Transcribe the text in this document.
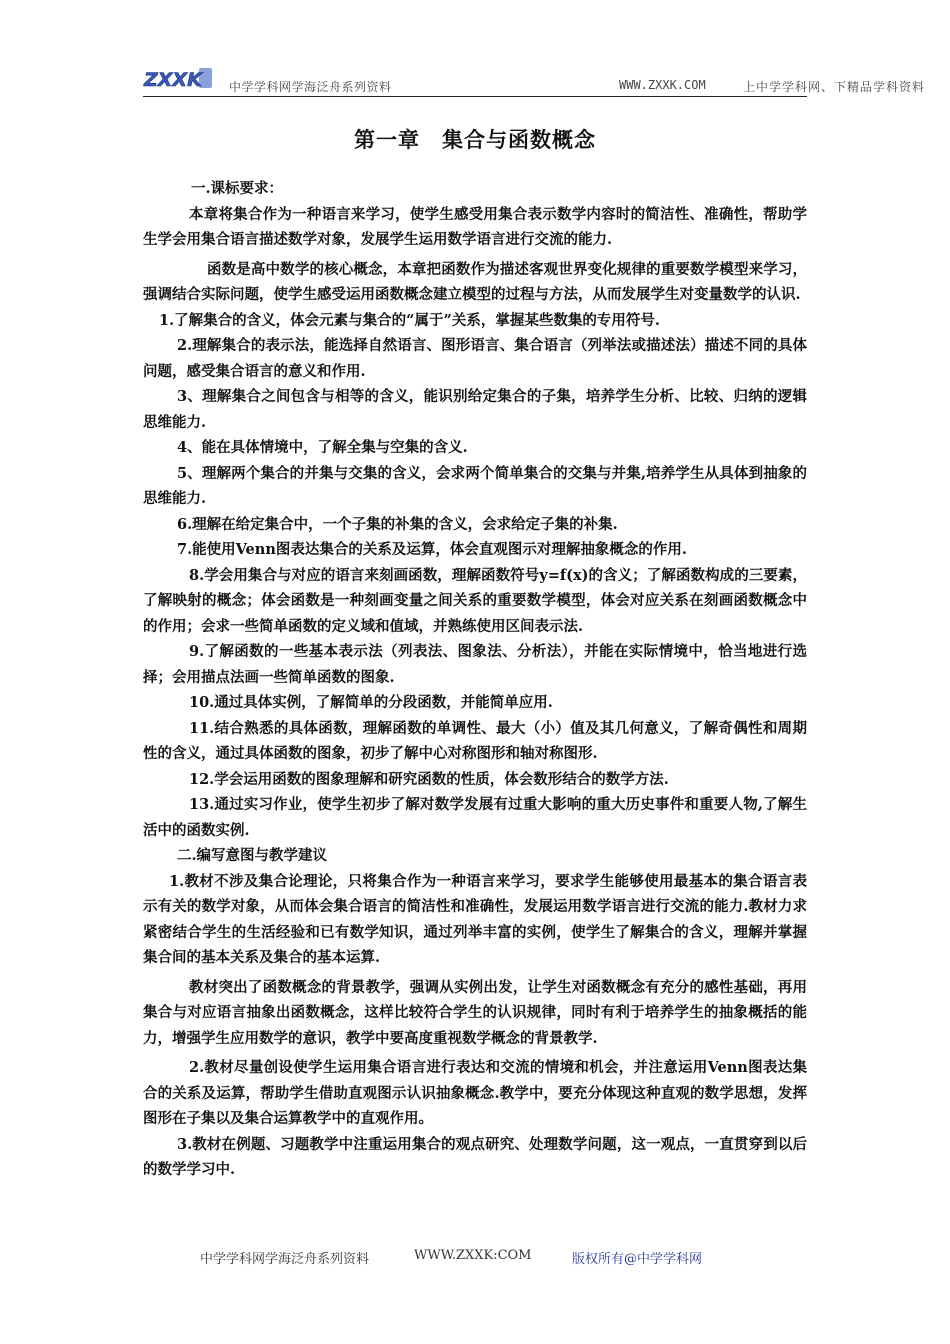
ZXXK 中学学科网学海泛舟系列资料	WWW.ZXXK.COM	上中学学科网、下精品学科资料
第一章　集合与函数概念

一.课标要求：

本章将集合作为一种语言来学习，使学生感受用集合表示数学内容时的简洁性、准确性，帮助学生学会用集合语言描述数学对象，发展学生运用数学语言进行交流的能力.

函数是高中数学的核心概念，本章把函数作为描述客观世界变化规律的重要数学模型来学习，强调结合实际问题，使学生感受运用函数概念建立模型的过程与方法，从而发展学生对变量数学的认识.

1.了解集合的含义，体会元素与集合的“属于”关系，掌握某些数集的专用符号.

2.理解集合的表示法，能选择自然语言、图形语言、集合语言（列举法或描述法）描述不同的具体问题，感受集合语言的意义和作用.

3、理解集合之间包含与相等的含义，能识别给定集合的子集，培养学生分析、比较、归纳的逻辑思维能力.

4、能在具体情境中，了解全集与空集的含义.

5、理解两个集合的并集与交集的含义，会求两个简单集合的交集与并集,培养学生从具体到抽象的思维能力.

6.理解在给定集合中，一个子集的补集的含义，会求给定子集的补集.

7.能使用Venn图表达集合的关系及运算，体会直观图示对理解抽象概念的作用.

8.学会用集合与对应的语言来刻画函数，理解函数符号y=f(x)的含义；了解函数构成的三要素，了解映射的概念；体会函数是一种刻画变量之间关系的重要数学模型，体会对应关系在刻画函数概念中的作用；会求一些简单函数的定义域和值域，并熟练使用区间表示法.

9.了解函数的一些基本表示法（列表法、图象法、分析法），并能在实际情境中，恰当地进行选择；会用描点法画一些简单函数的图象.

10.通过具体实例，了解简单的分段函数，并能简单应用.

11.结合熟悉的具体函数，理解函数的单调性、最大（小）值及其几何意义，了解奇偶性和周期性的含义，通过具体函数的图象，初步了解中心对称图形和轴对称图形.

12.学会运用函数的图象理解和研究函数的性质，体会数形结合的数学方法.

13.通过实习作业，使学生初步了解对数学发展有过重大影响的重大历史事件和重要人物,了解生活中的函数实例.

二.编写意图与教学建议

1.教材不涉及集合论理论，只将集合作为一种语言来学习，要求学生能够使用最基本的集合语言表示有关的数学对象，从而体会集合语言的简洁性和准确性，发展运用数学语言进行交流的能力.教材力求紧密结合学生的生活经验和已有数学知识，通过列举丰富的实例，使学生了解集合的含义，理解并掌握集合间的基本关系及集合的基本运算.

教材突出了函数概念的背景教学，强调从实例出发，让学生对函数概念有充分的感性基础，再用集合与对应语言抽象出函数概念，这样比较符合学生的认识规律，同时有利于培养学生的抽象概括的能力，增强学生应用数学的意识，教学中要高度重视数学概念的背景教学.

2.教材尽量创设使学生运用集合语言进行表达和交流的情境和机会，并注意运用Venn图表达集合的关系及运算，帮助学生借助直观图示认识抽象概念.教学中，要充分体现这种直观的数学思想，发挥图形在子集以及集合运算教学中的直观作用。

3.教材在例题、习题教学中注重运用集合的观点研究、处理数学问题，这一观点，一直贯穿到以后的数学学习中.

中学学科网学海泛舟系列资料	WWW.ZXXK:COM	版权所有@中学学科网
